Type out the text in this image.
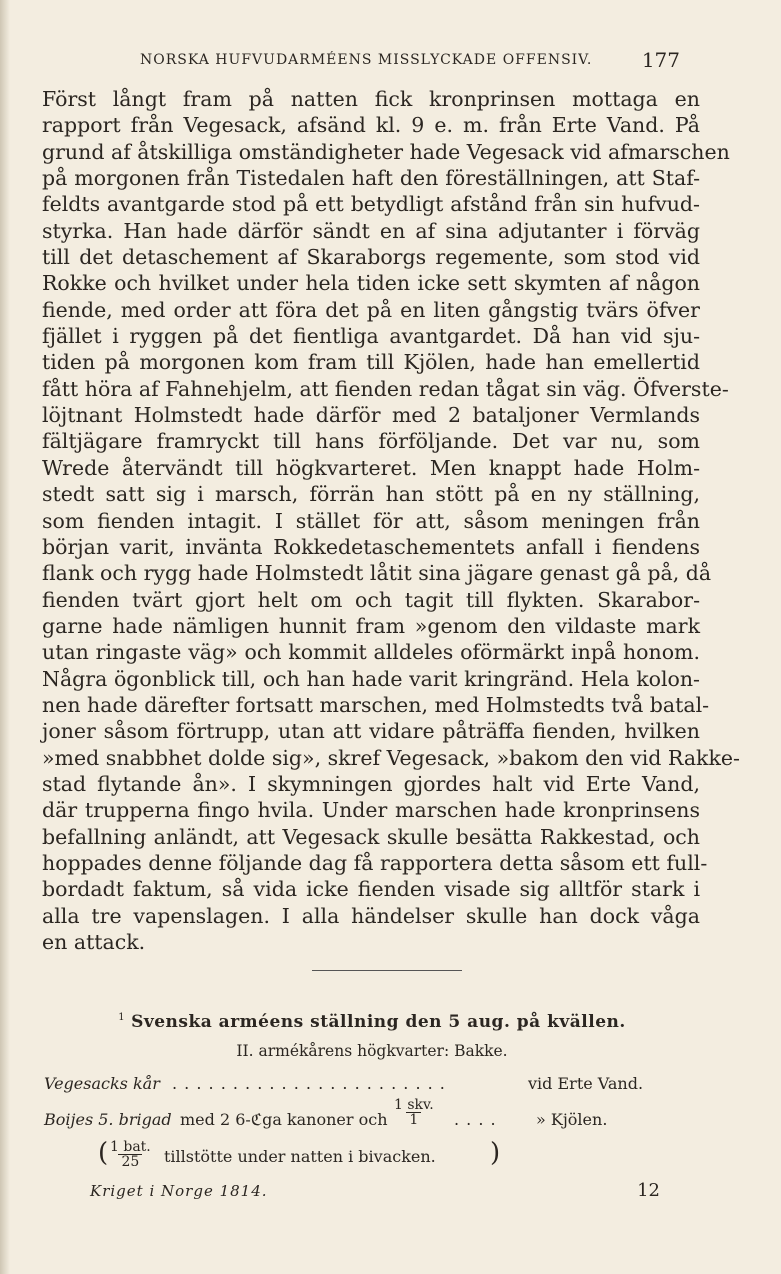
NORSKA HUFVUDARMÉENS MISSLYCKADE OFFENSIV. 177
Först långt fram på natten fick kronprinsen mottaga en
rapport från Vegesack, afsänd kl. 9 e. m. från Erte Vand. På
grund af åtskilliga omständigheter hade Vegesack vid afmarschen
på morgonen från Tistedalen haft den föreställningen, att Staf-
feldts avantgarde stod på ett betydligt afstånd från sin hufvud-
styrka. Han hade därför sändt en af sina adjutanter i förväg
till det detaschement af Skaraborgs regemente, som stod vid
Rokke och hvilket under hela tiden icke sett skymten af någon
fiende, med order att föra det på en liten gångstig tvärs öfver
fjället i ryggen på det fientliga avantgardet. Då han vid sju-
tiden på morgonen kom fram till Kjölen, hade han emellertid
fått höra af Fahnehjelm, att fienden redan tågat sin väg. Öfverste-
löjtnant Holmstedt hade därför med 2 bataljoner Vermlands
fältjägare framryckt till hans förföljande. Det var nu, som
Wrede återvändt till högkvarteret. Men knappt hade Holm-
stedt satt sig i marsch, förrän han stött på en ny ställning,
som fienden intagit. I stället för att, såsom meningen från
början varit, invänta Rokkedetaschementets anfall i fiendens
flank och rygg hade Holmstedt låtit sina jägare genast gå på, då
fienden tvärt gjort helt om och tagit till flykten. Skarabor-
garne hade nämligen hunnit fram »genom den vildaste mark
utan ringaste väg» och kommit alldeles oförmärkt inpå honom.
Några ögonblick till, och han hade varit kringränd. Hela kolon-
nen hade därefter fortsatt marschen, med Holmstedts två batal-
joner såsom förtrupp, utan att vidare påträffa fienden, hvilken
»med snabbhet dolde sig», skref Vegesack, »bakom den vid Rakke-
stad flytande ån». I skymningen gjordes halt vid Erte Vand,
där trupperna fingo hvila. Under marschen hade kronprinsens
befallning anländt, att Vegesack skulle besätta Rakkestad, och
hoppades denne följande dag få rapportera detta såsom ett full-
bordadt faktum, så vida icke fienden visade sig alltför stark i
alla tre vapenslagen. I alla händelser skulle han dock våga
en attack.
$^1$ Svenska arméens ställning den 5 aug. på kvällen.
II. armékårens högkvarter: Bakke.
Vegesacks kår . . . . . . . . . . . . . . . . . . . . . . .	vid Erte Vand.
Boijes 5. brigad med 2 6-ℭga kanoner och
1 skv.
1 . . . . » Kjölen.
( 1 bat.
25 tillstötte under natten i bivacken. )
Kriget i Norge 1814.	12
